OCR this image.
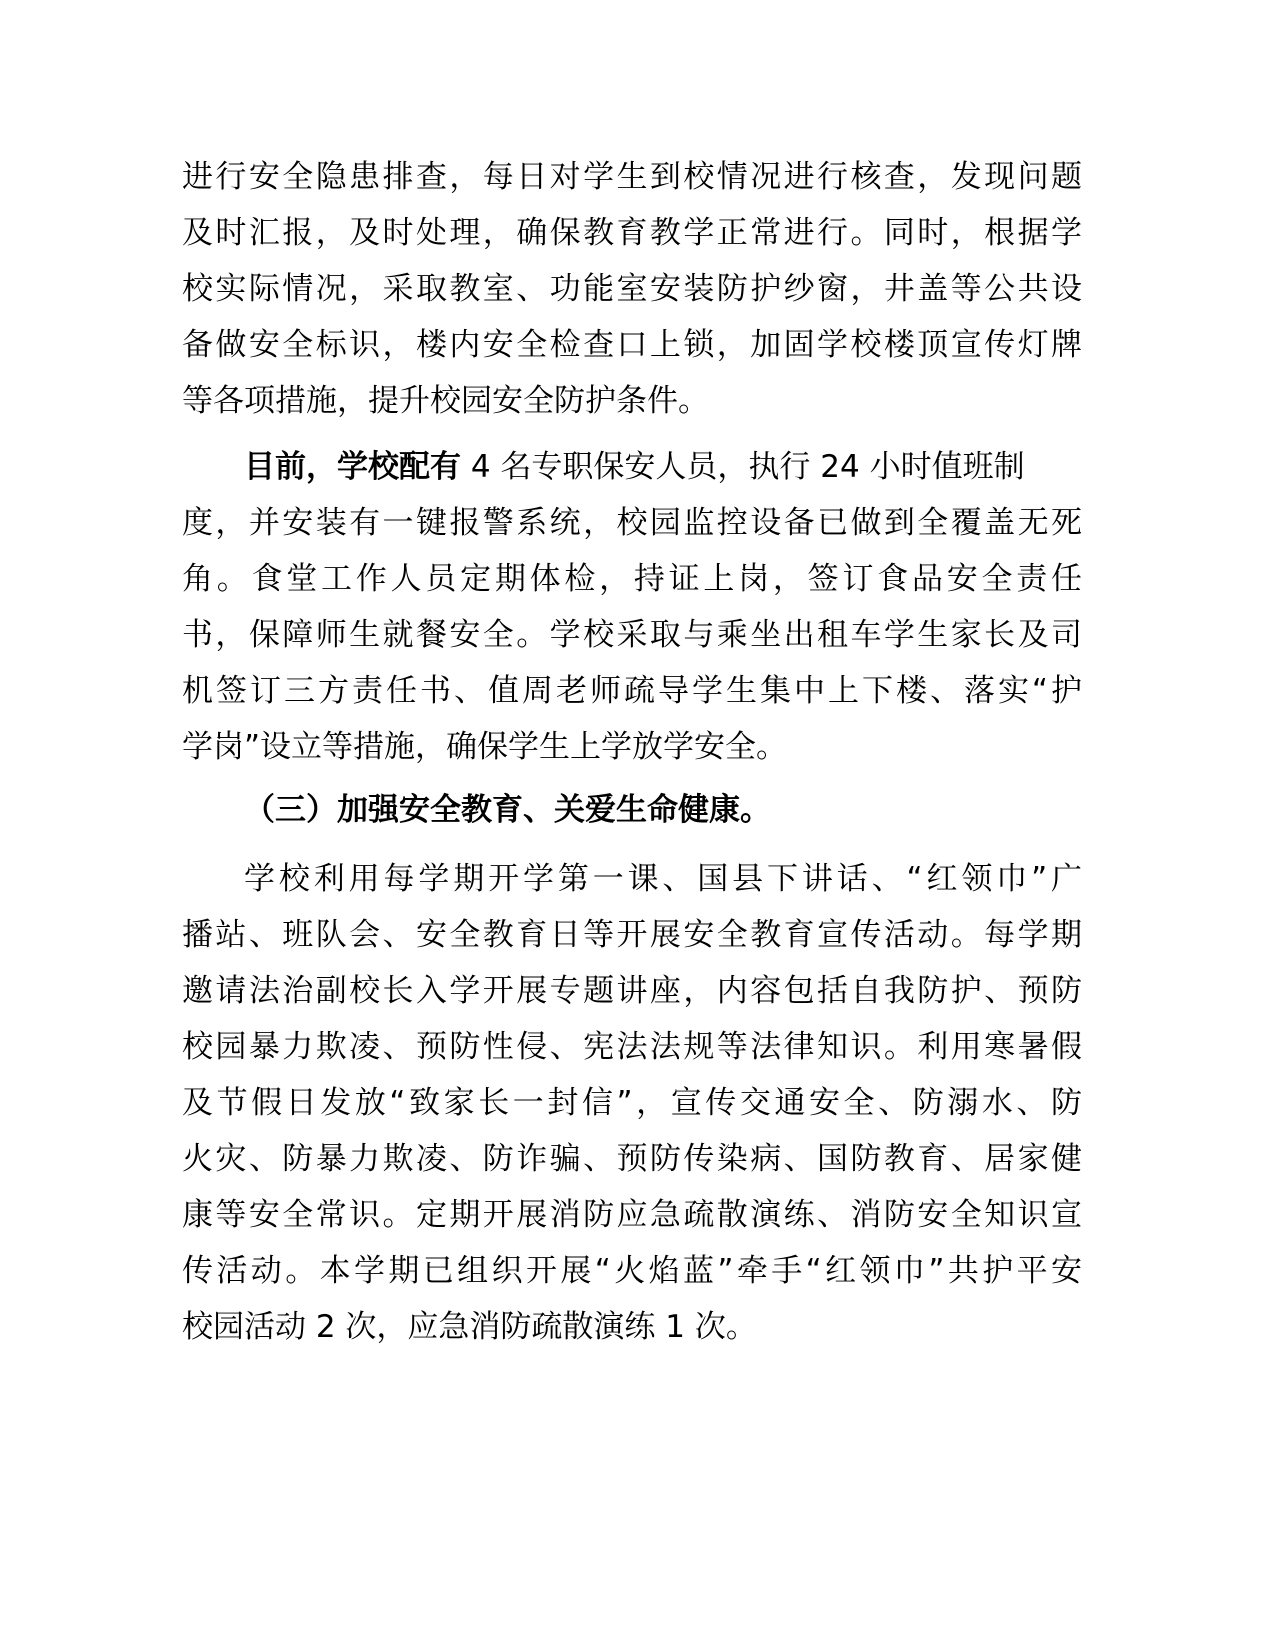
进行安全隐患排查，每日对学生到校情况进行核查，发现问题
及时汇报，及时处理，确保教育教学正常进行。同时，根据学
校实际情况，采取教室、功能室安装防护纱窗，井盖等公共设
备做安全标识，楼内安全检查口上锁，加固学校楼顶宣传灯牌
等各项措施，提升校园安全防护条件。
目前，学校配有 4 名专职保安人员，执行 24 小时值班制
度，并安装有一键报警系统，校园监控设备已做到全覆盖无死
角。食堂工作人员定期体检，持证上岗，签订食品安全责任
书，保障师生就餐安全。学校采取与乘坐出租车学生家长及司
机签订三方责任书、值周老师疏导学生集中上下楼、落实“护
学岗”设立等措施，确保学生上学放学安全。
（三）加强安全教育、关爱生命健康。
学校利用每学期开学第一课、国县下讲话、“红领巾”广
播站、班队会、安全教育日等开展安全教育宣传活动。每学期
邀请法治副校长入学开展专题讲座，内容包括自我防护、预防
校园暴力欺凌、预防性侵、宪法法规等法律知识。利用寒暑假
及节假日发放“致家长一封信”，宣传交通安全、防溺水、防
火灾、防暴力欺凌、防诈骗、预防传染病、国防教育、居家健
康等安全常识。定期开展消防应急疏散演练、消防安全知识宣
传活动。本学期已组织开展“火焰蓝”牵手“红领巾”共护平安
校园活动 2 次，应急消防疏散演练 1 次。
